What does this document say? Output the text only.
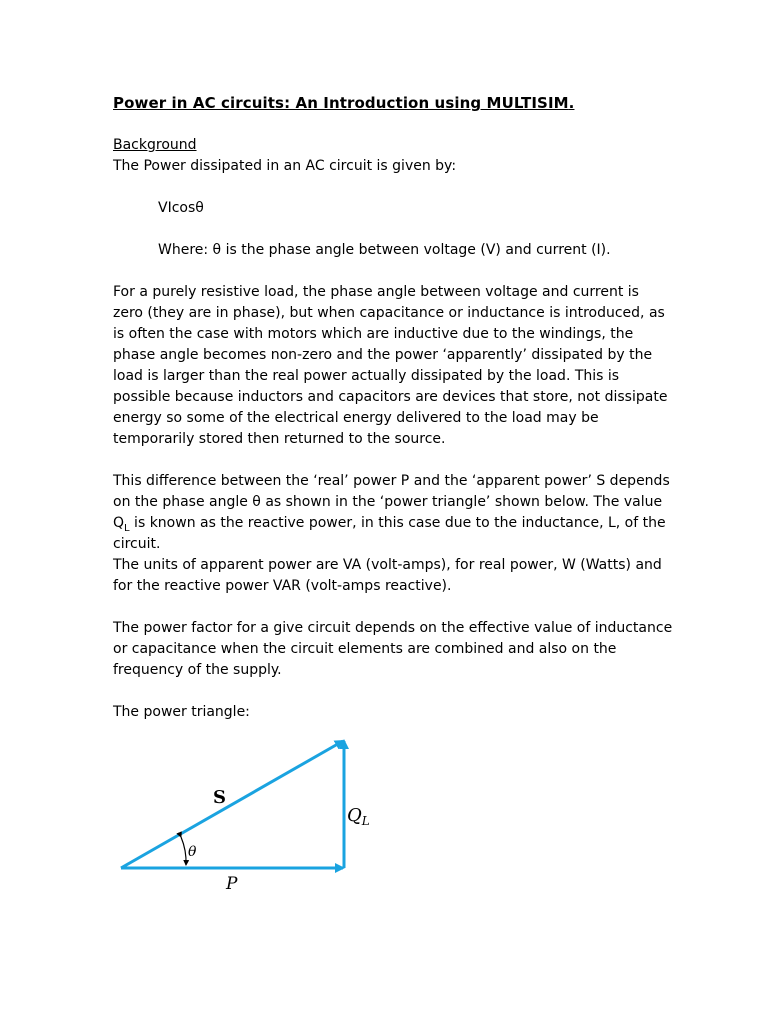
Power in AC circuits: An Introduction using MULTISIM.

Background

The Power dissipated in an AC circuit is given by:

VIcosθ

Where: θ is the phase angle between voltage (V) and current (I).

For a purely resistive load, the phase angle between voltage and current is zero (they are in phase), but when capacitance or inductance is introduced, as is often the case with motors which are inductive due to the windings, the phase angle becomes non-zero and the power ‘apparently’ dissipated by the load is larger than the real power actually dissipated by the load. This is possible because inductors and capacitors are devices that store, not dissipate energy so some of the electrical energy delivered to the load may be temporarily stored then returned to the source.

This difference between the ‘real’ power P and the ‘apparent power’ S depends on the phase angle θ as shown in the ‘power triangle’ shown below. The value $Q_L$ is known as the reactive power, in this case due to the inductance, L, of the circuit.

The units of apparent power are VA (volt-amps), for real power, W (Watts) and for the reactive power VAR (volt-amps reactive).

The power factor for a give circuit depends on the effective value of inductance or capacitance when the circuit elements are combined and also on the frequency of the supply.

The power triangle:

S
$Q_L$
θ
P
